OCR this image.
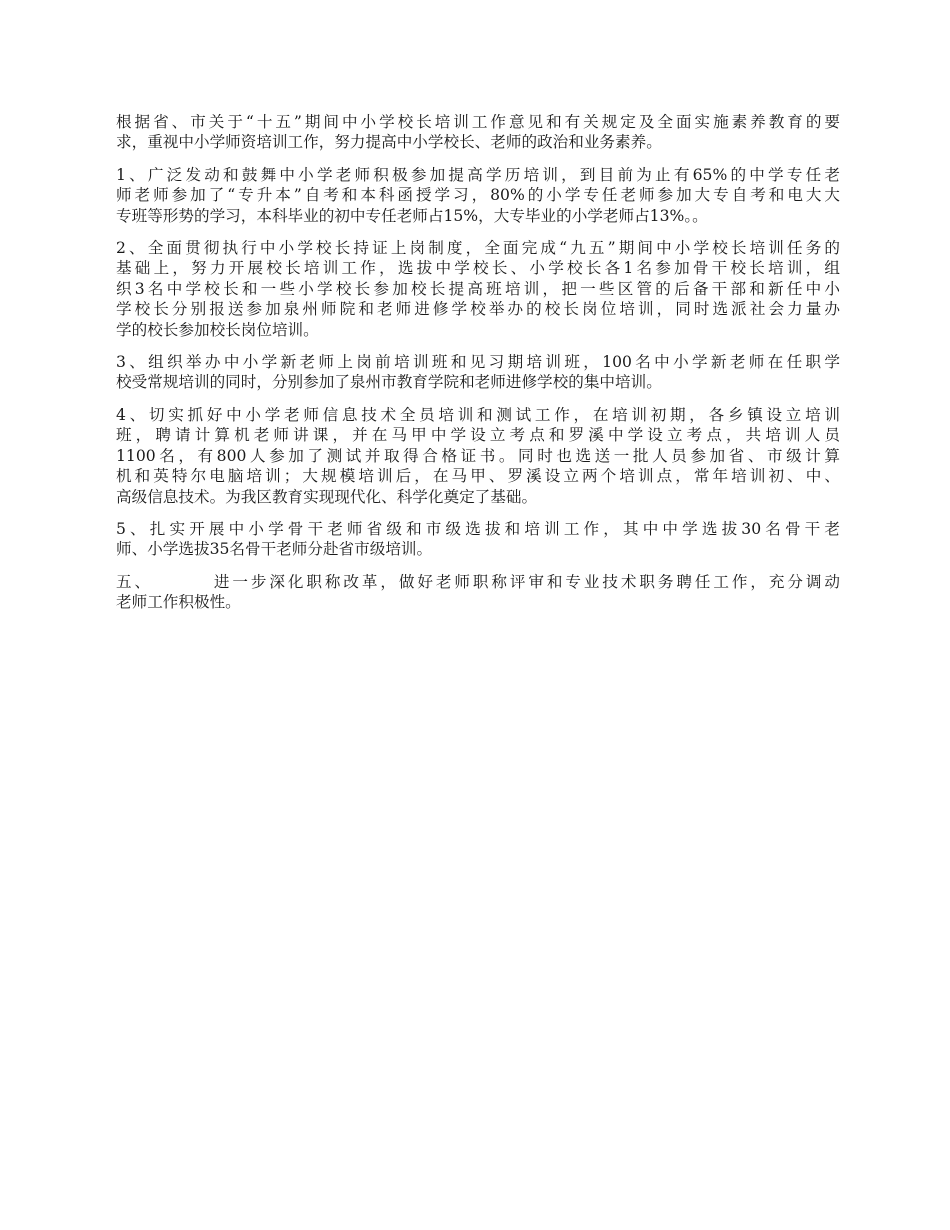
根据省、市关于“十五”期间中小学校长培训工作意见和有关规定及全面实施素养教育的要
求，重视中小学师资培训工作，努力提高中小学校长、老师的政治和业务素养。
1、广泛发动和鼓舞中小学老师积极参加提高学历培训，到目前为止有65%的中学专任老
师老师参加了“专升本”自考和本科函授学习，80%的小学专任老师参加大专自考和电大大
专班等形势的学习，本科毕业的初中专任老师占15%，大专毕业的小学老师占13%。。
2、全面贯彻执行中小学校长持证上岗制度，全面完成“九五”期间中小学校长培训任务的
基础上，努力开展校长培训工作，选拔中学校长、小学校长各1名参加骨干校长培训，组
织3名中学校长和一些小学校长参加校长提高班培训，把一些区管的后备干部和新任中小
学校长分别报送参加泉州师院和老师进修学校举办的校长岗位培训，同时选派社会力量办
学的校长参加校长岗位培训。
3、组织举办中小学新老师上岗前培训班和见习期培训班，100名中小学新老师在任职学
校受常规培训的同时，分别参加了泉州市教育学院和老师进修学校的集中培训。
4、切实抓好中小学老师信息技术全员培训和测试工作，在培训初期，各乡镇设立培训
班，聘请计算机老师讲课，并在马甲中学设立考点和罗溪中学设立考点，共培训人员
1100名，有800人参加了测试并取得合格证书。同时也选送一批人员参加省、市级计算
机和英特尔电脑培训；大规模培训后，在马甲、罗溪设立两个培训点，常年培训初、中、
高级信息技术。为我区教育实现现代化、科学化奠定了基础。
5、扎实开展中小学骨干老师省级和市级选拔和培训工作，其中中学选拔30名骨干老
师、小学选拔35名骨干老师分赴省市级培训。
五、	进一步深化职称改革，做好老师职称评审和专业技术职务聘任工作，充分调动
老师工作积极性。
